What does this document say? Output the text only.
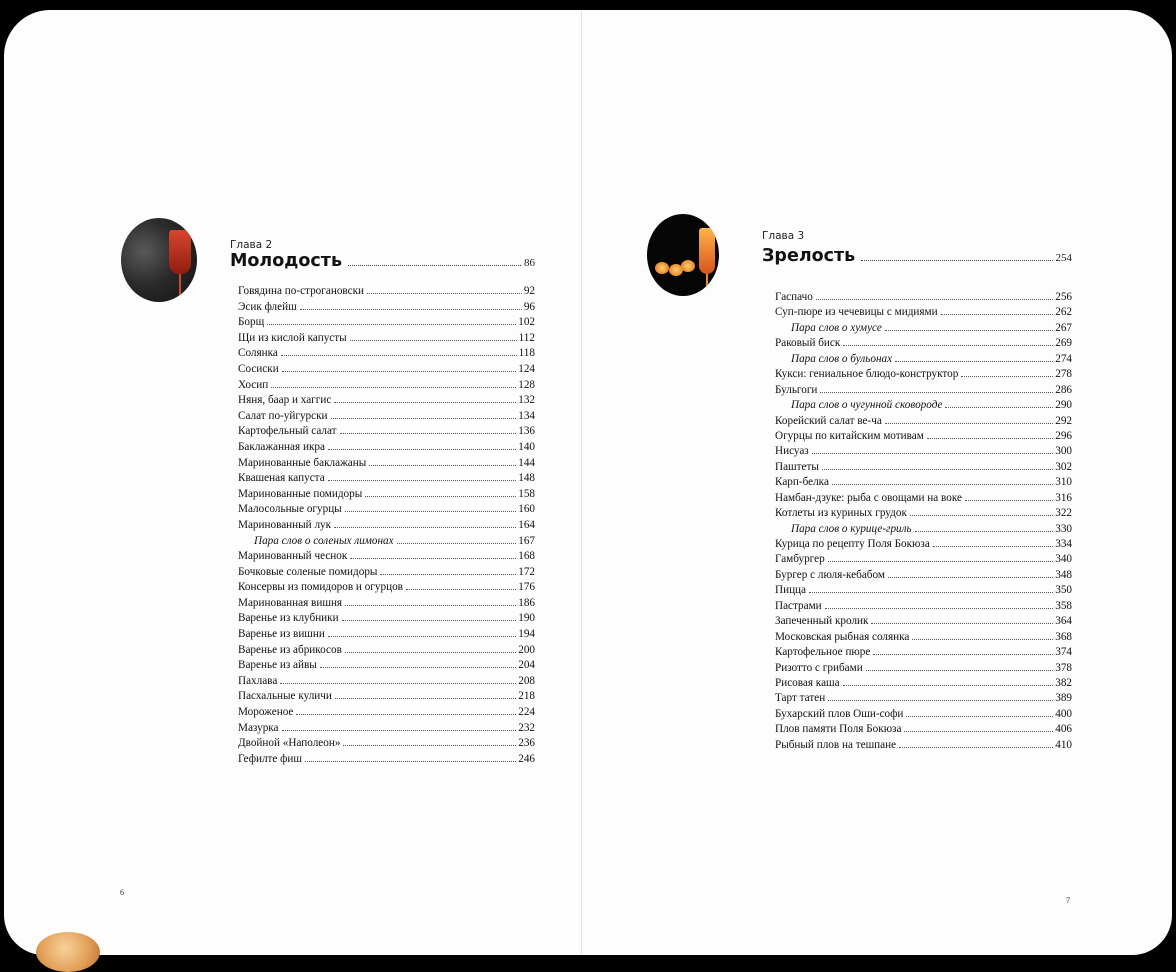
Глава 2
Молодость	86
Говядина по-строгановски	92
Эсик флейш	96
Борщ	102
Щи из кислой капусты	112
Солянка	118
Сосиски	124
Хосип	128
Няня, баар и хаггис	132
Салат по-уйгурски	134
Картофельный салат	136
Баклажанная икра	140
Маринованные баклажаны	144
Квашеная капуста	148
Маринованные помидоры	158
Малосольные огурцы	160
Маринованный лук	164
Пара слов о соленых лимонах	167
Маринованный чеснок	168
Бочковые соленые помидоры	172
Консервы из помидоров и огурцов	176
Маринованная вишня	186
Варенье из клубники	190
Варенье из вишни	194
Варенье из абрикосов	200
Варенье из айвы	204
Пахлава	208
Пасхальные куличи	218
Мороженое	224
Мазурка	232
Двойной «Наполеон»	236
Гефилте фиш	246
6
Глава 3
Зрелость	254
Гаспачо	256
Суп-пюре из чечевицы с мидиями	262
Пара слов о хумусе	267
Раковый биск	269
Пара слов о бульонах	274
Кукси: гениальное блюдо-конструктор	278
Бульгоги	286
Пара слов о чугунной сковороде	290
Корейский салат ве-ча	292
Огурцы по китайским мотивам	296
Нисуаз	300
Паштеты	302
Карп-белка	310
Намбан-дзуке: рыба с овощами на воке	316
Котлеты из куриных грудок	322
Пара слов о курице-гриль	330
Курица по рецепту Поля Бокюза	334
Гамбургер	340
Бургер с люля-кебабом	348
Пицца	350
Пастрами	358
Запеченный кролик	364
Московская рыбная солянка	368
Картофельное пюре	374
Ризотто с грибами	378
Рисовая каша	382
Тарт татен	389
Бухарский плов Оши-софи	400
Плов памяти Поля Бокюза	406
Рыбный плов на тешпане	410
7
